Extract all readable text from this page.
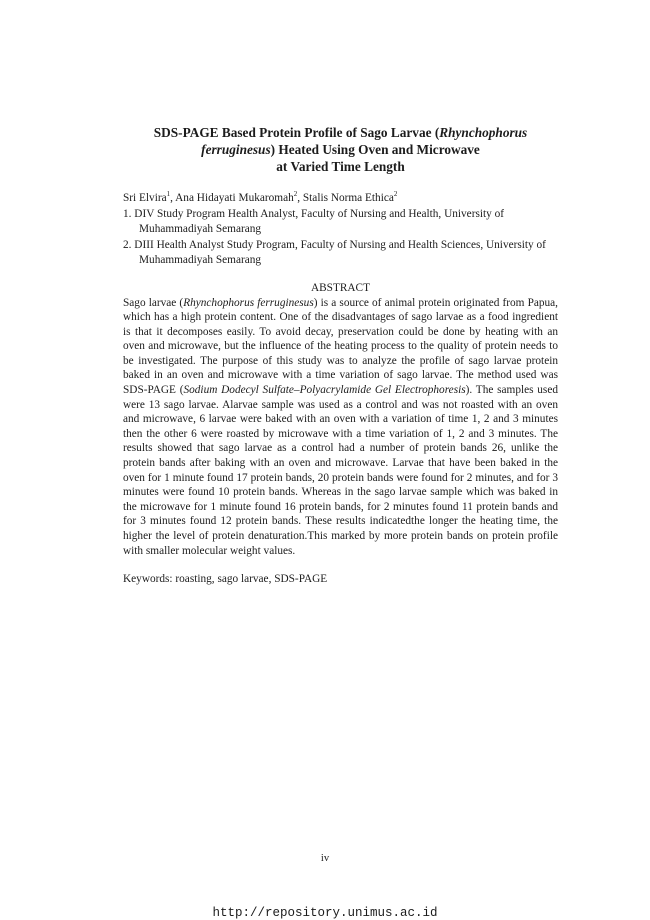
SDS-PAGE Based Protein Profile of Sago Larvae (Rhynchophorus
ferruginesus) Heated Using Oven and Microwave
at Varied Time Length
Sri Elvira$^1$, Ana Hidayati Mukaromah$^2$, Stalis Norma Ethica$^2$
1. DIV Study Program Health Analyst, Faculty of Nursing and Health, University of Muhammadiyah Semarang
2. DIII Health Analyst Study Program, Faculty of Nursing and Health Sciences, University of Muhammadiyah Semarang
ABSTRACT
Sago larvae (Rhynchophorus ferruginesus) is a source of animal protein originated from Papua, which has a high protein content. One of the disadvantages of sago larvae as a food ingredient is that it decomposes easily. To avoid decay, preservation could be done by heating with an oven and microwave, but the influence of the heating process to the quality of protein needs to be investigated. The purpose of this study was to analyze the profile of sago larvae protein baked in an oven and microwave with a time variation of sago larvae. The method used was SDS-PAGE (Sodium Dodecyl Sulfate–Polyacrylamide Gel Electrophoresis). The samples used were 13 sago larvae. Alarvae sample was used as a control and was not roasted with an oven and microwave, 6 larvae were baked with an oven with a variation of time 1, 2 and 3 minutes then the other 6 were roasted by microwave with a time variation of 1, 2 and 3 minutes. The results showed that sago larvae as a control had a number of protein bands 26, unlike the protein bands after baking with an oven and microwave. Larvae that have been baked in the oven for 1 minute found 17 protein bands, 20 protein bands were found for 2 minutes, and for 3 minutes were found 10 protein bands. Whereas in the sago larvae sample which was baked in the microwave for 1 minute found 16 protein bands, for 2 minutes found 11 protein bands and for 3 minutes found 12 protein bands. These results indicatedthe longer the heating time, the higher the level of protein denaturation.This marked by more protein bands on protein profile with smaller molecular weight values.
Keywords: roasting, sago larvae, SDS-PAGE
iv
http://repository.unimus.ac.id
